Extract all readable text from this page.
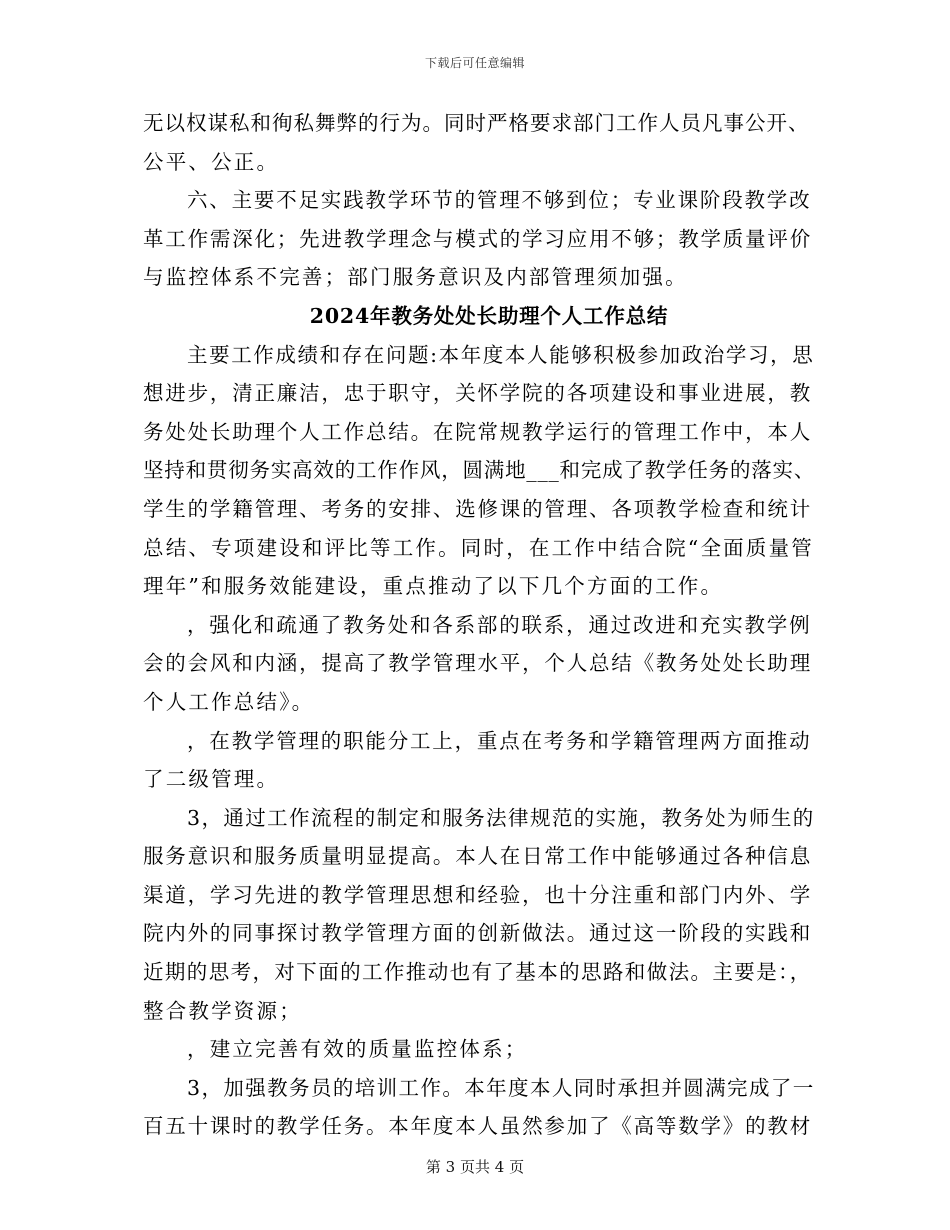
下载后可任意编辑
无以权谋私和徇私舞弊的行为。同时严格要求部门工作人员凡事公开、
公平、公正。
六、主要不足实践教学环节的管理不够到位；专业课阶段教学改
革工作需深化；先进教学理念与模式的学习应用不够；教学质量评价
与监控体系不完善；部门服务意识及内部管理须加强。
2024年教务处处长助理个人工作总结
主要工作成绩和存在问题:本年度本人能够积极参加政治学习，思
想进步，清正廉洁，忠于职守，关怀学院的各项建设和事业进展，教
务处处长助理个人工作总结。在院常规教学运行的管理工作中，本人
坚持和贯彻务实高效的工作作风，圆满地___和完成了教学任务的落实、
学生的学籍管理、考务的安排、选修课的管理、各项教学检查和统计
总结、专项建设和评比等工作。同时，在工作中结合院“全面质量管
理年”和服务效能建设，重点推动了以下几个方面的工作。
，强化和疏通了教务处和各系部的联系，通过改进和充实教学例
会的会风和内涵，提高了教学管理水平，个人总结《教务处处长助理
个人工作总结》。
，在教学管理的职能分工上，重点在考务和学籍管理两方面推动
了二级管理。
3，通过工作流程的制定和服务法律规范的实施，教务处为师生的
服务意识和服务质量明显提高。本人在日常工作中能够通过各种信息
渠道，学习先进的教学管理思想和经验，也十分注重和部门内外、学
院内外的同事探讨教学管理方面的创新做法。通过这一阶段的实践和
近期的思考，对下面的工作推动也有了基本的思路和做法。主要是：，
整合教学资源；
，建立完善有效的质量监控体系；
3，加强教务员的培训工作。本年度本人同时承担并圆满完成了一
百五十课时的教学任务。本年度本人虽然参加了《高等数学》的教材
第 3 页共 4 页
